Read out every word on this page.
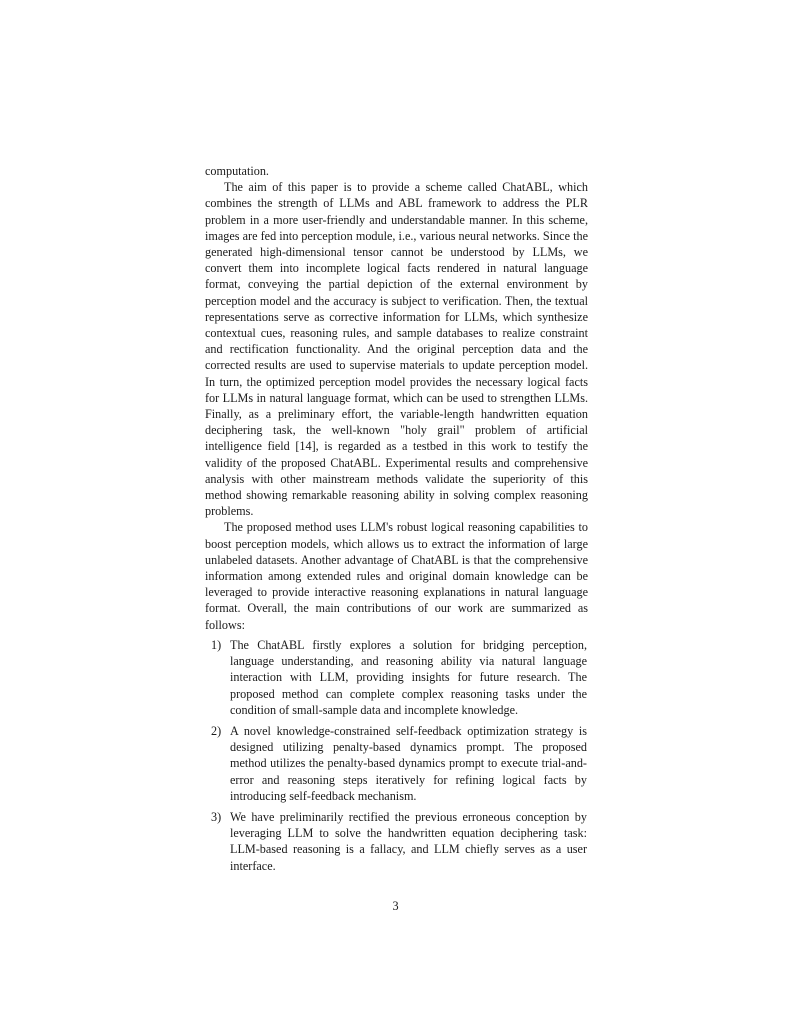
computation.

The aim of this paper is to provide a scheme called ChatABL, which combines the strength of LLMs and ABL framework to address the PLR problem in a more user-friendly and understandable manner. In this scheme, images are fed into perception module, i.e., various neural networks. Since the generated high-dimensional tensor cannot be understood by LLMs, we convert them into incomplete logical facts rendered in natural language format, conveying the partial depiction of the external environment by perception model and the accuracy is subject to verification. Then, the textual representations serve as corrective information for LLMs, which synthesize contextual cues, reasoning rules, and sample databases to realize constraint and rectification functionality. And the original perception data and the corrected results are used to supervise materials to update perception model. In turn, the optimized perception model provides the necessary logical facts for LLMs in natural language format, which can be used to strengthen LLMs. Finally, as a preliminary effort, the variable-length handwritten equation deciphering task, the well-known "holy grail" problem of artificial intelligence field [14], is regarded as a testbed in this work to testify the validity of the proposed ChatABL. Experimental results and comprehensive analysis with other mainstream methods validate the superiority of this method showing remarkable reasoning ability in solving complex reasoning problems.

The proposed method uses LLM's robust logical reasoning capabilities to boost perception models, which allows us to extract the information of large unlabeled datasets. Another advantage of ChatABL is that the comprehensive information among extended rules and original domain knowledge can be leveraged to provide interactive reasoning explanations in natural language format. Overall, the main contributions of our work are summarized as follows:

1) The ChatABL firstly explores a solution for bridging perception, language understanding, and reasoning ability via natural language interaction with LLM, providing insights for future research. The proposed method can complete complex reasoning tasks under the condition of small-sample data and incomplete knowledge.
2) A novel knowledge-constrained self-feedback optimization strategy is designed utilizing penalty-based dynamics prompt. The proposed method utilizes the penalty-based dynamics prompt to execute trial-and-error and reasoning steps iteratively for refining logical facts by introducing self-feedback mechanism.
3) We have preliminarily rectified the previous erroneous conception by leveraging LLM to solve the handwritten equation deciphering task: LLM-based reasoning is a fallacy, and LLM chiefly serves as a user interface.
3
